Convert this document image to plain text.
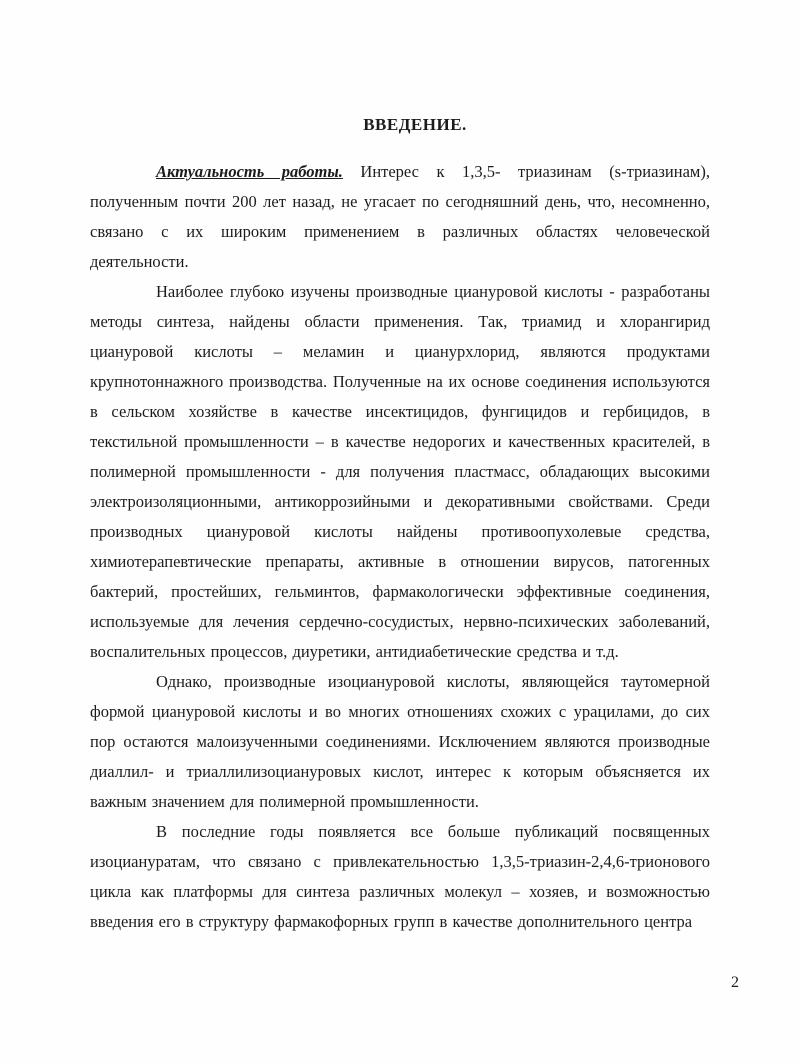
ВВЕДЕНИЕ.

Актуальность работы. Интерес к 1,3,5- триазинам (s-триазинам), полученным почти 200 лет назад, не угасает по сегодняшний день, что, несомненно, связано с их широким применением в различных областях человеческой деятельности.

Наиболее глубоко изучены производные циануровой кислоты - разработаны методы синтеза, найдены области применения. Так, триамид и хлорангирид циануровой кислоты – меламин и цианурхлорид, являются продуктами крупнотоннажного производства. Полученные на их основе соединения используются в сельском хозяйстве в качестве инсектицидов, фунгицидов и гербицидов, в текстильной промышленности – в качестве недорогих и качественных красителей, в полимерной промышленности - для получения пластмасс, обладающих высокими электроизоляционными, антикоррозийными и декоративными свойствами. Среди производных циануровой кислоты найдены противоопухолевые средства, химиотерапевтические препараты, активные в отношении вирусов, патогенных бактерий, простейших, гельминтов, фармакологически эффективные соединения, используемые для лечения сердечно-сосудистых, нервно-психических заболеваний, воспалительных процессов, диуретики, антидиабетические средства и т.д.

Однако, производные изоциануровой кислоты, являющейся таутомерной формой циануровой кислоты и во многих отношениях схожих с урацилами, до сих пор остаются малоизученными соединениями. Исключением являются производные диаллил- и триаллилизоциануровых кислот, интерес к которым объясняется их важным значением для полимерной промышленности.

В последние годы появляется все больше публикаций посвященных изоциануратам, что связано с привлекательностью 1,3,5-триазин-2,4,6-трионового цикла как платформы для синтеза различных молекул – хозяев, и возможностью введения его в структуру фармакофорных групп в качестве дополнительного центра

2
